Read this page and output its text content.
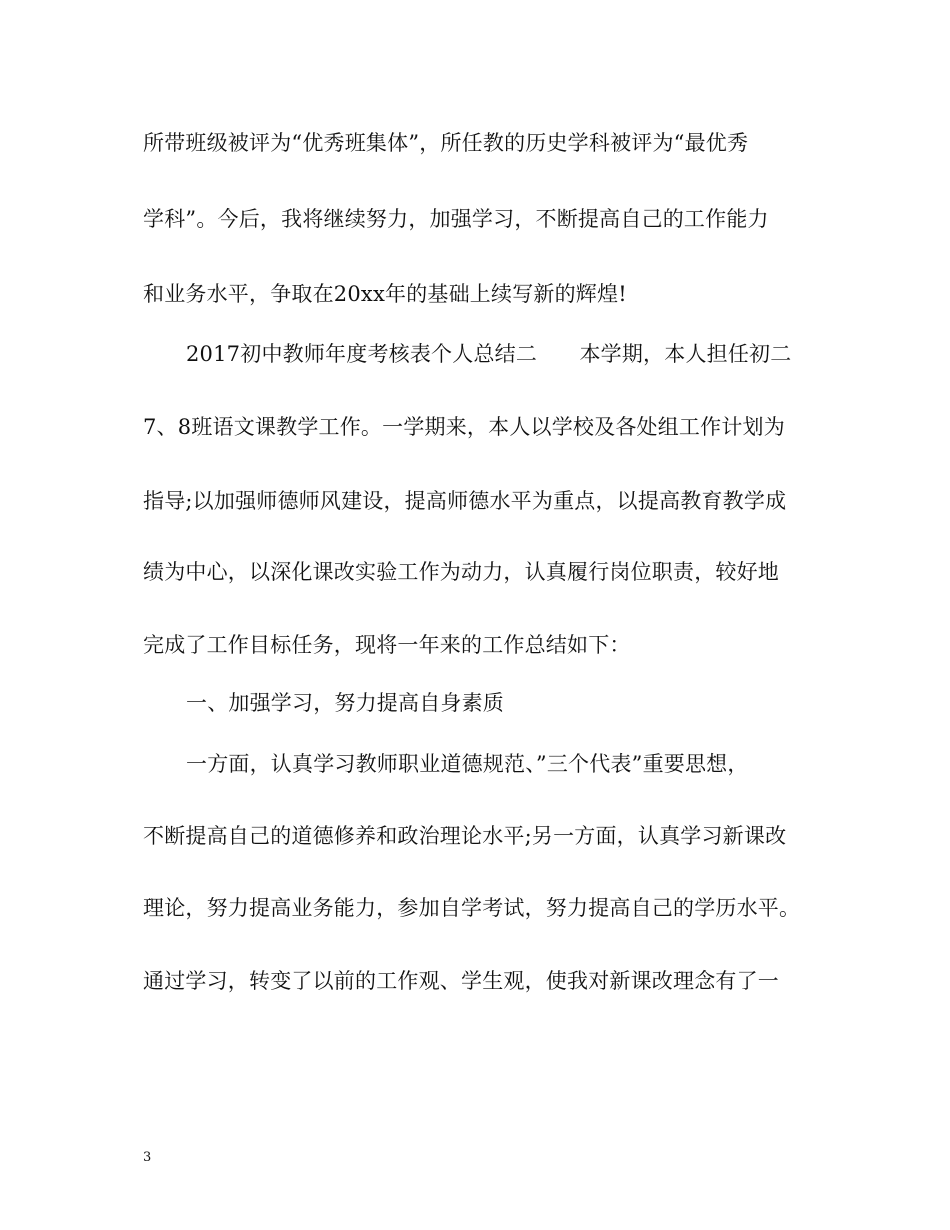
所带班级被评为“优秀班集体”，所任教的历史学科被评为“最优秀
学科”。今后，我将继续努力，加强学习，不断提高自己的工作能力
和业务水平，争取在20xx年的基础上续写新的辉煌!
2017初中教师年度考核表个人总结二　　本学期，本人担任初二
7、8班语文课教学工作。一学期来，本人以学校及各处组工作计划为
指导;以加强师德师风建设，提高师德水平为重点，以提高教育教学成
绩为中心，以深化课改实验工作为动力，认真履行岗位职责，较好地
完成了工作目标任务，现将一年来的工作总结如下：
一、加强学习，努力提高自身素质
一方面，认真学习教师职业道德规范、”三个代表”重要思想，
不断提高自己的道德修养和政治理论水平;另一方面，认真学习新课改
理论，努力提高业务能力，参加自学考试，努力提高自己的学历水平。
通过学习，转变了以前的工作观、学生观，使我对新课改理念有了一
3
